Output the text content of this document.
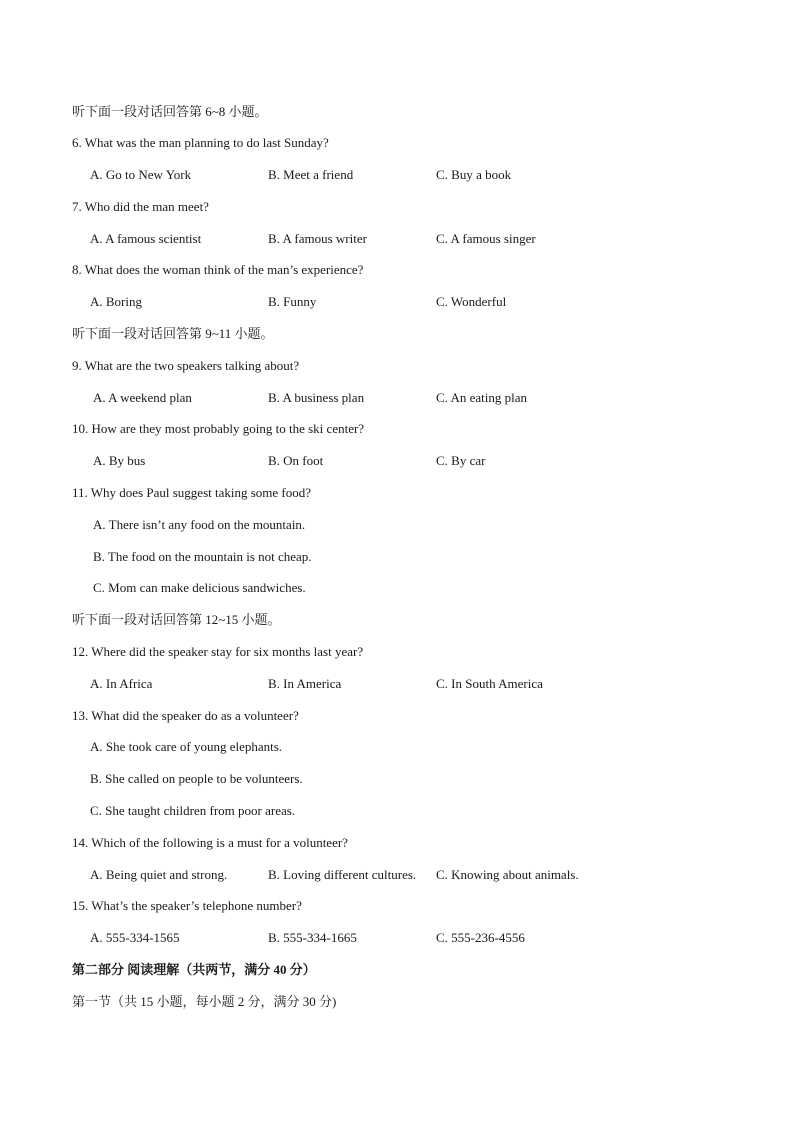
听下面一段对话回答第 6~8 小题。
6. What was the man planning to do last Sunday?
A. Go to New York	B. Meet a friend	C. Buy a book
7. Who did the man meet?
A. A famous scientist	B. A famous writer	C. A famous singer
8. What does the woman think of the man’s experience?
A. Boring	B. Funny	C. Wonderful
听下面一段对话回答第 9~11 小题。
9. What are the two speakers talking about?
A. A weekend plan	B. A business plan	C. An eating plan
10. How are they most probably going to the ski center?
A. By bus	B. On foot	C. By car
11. Why does Paul suggest taking some food?
A. There isn’t any food on the mountain.
B. The food on the mountain is not cheap.
C. Mom can make delicious sandwiches.
听下面一段对话回答第 12~15 小题。
12. Where did the speaker stay for six months last year?
A. In Africa	B. In America	C. In South America
13. What did the speaker do as a volunteer?
A. She took care of young elephants.
B. She called on people to be volunteers.
C. She taught children from poor areas.
14. Which of the following is a must for a volunteer?
A. Being quiet and strong.	B. Loving different cultures. C. Knowing about animals.
15. What’s the speaker’s telephone number?
A. 555-334-1565	B. 555-334-1665	C. 555-236-4556
第二部分 阅读理解（共两节，满分 40 分）
第一节（共 15 小题，每小题 2 分，满分 30 分)
